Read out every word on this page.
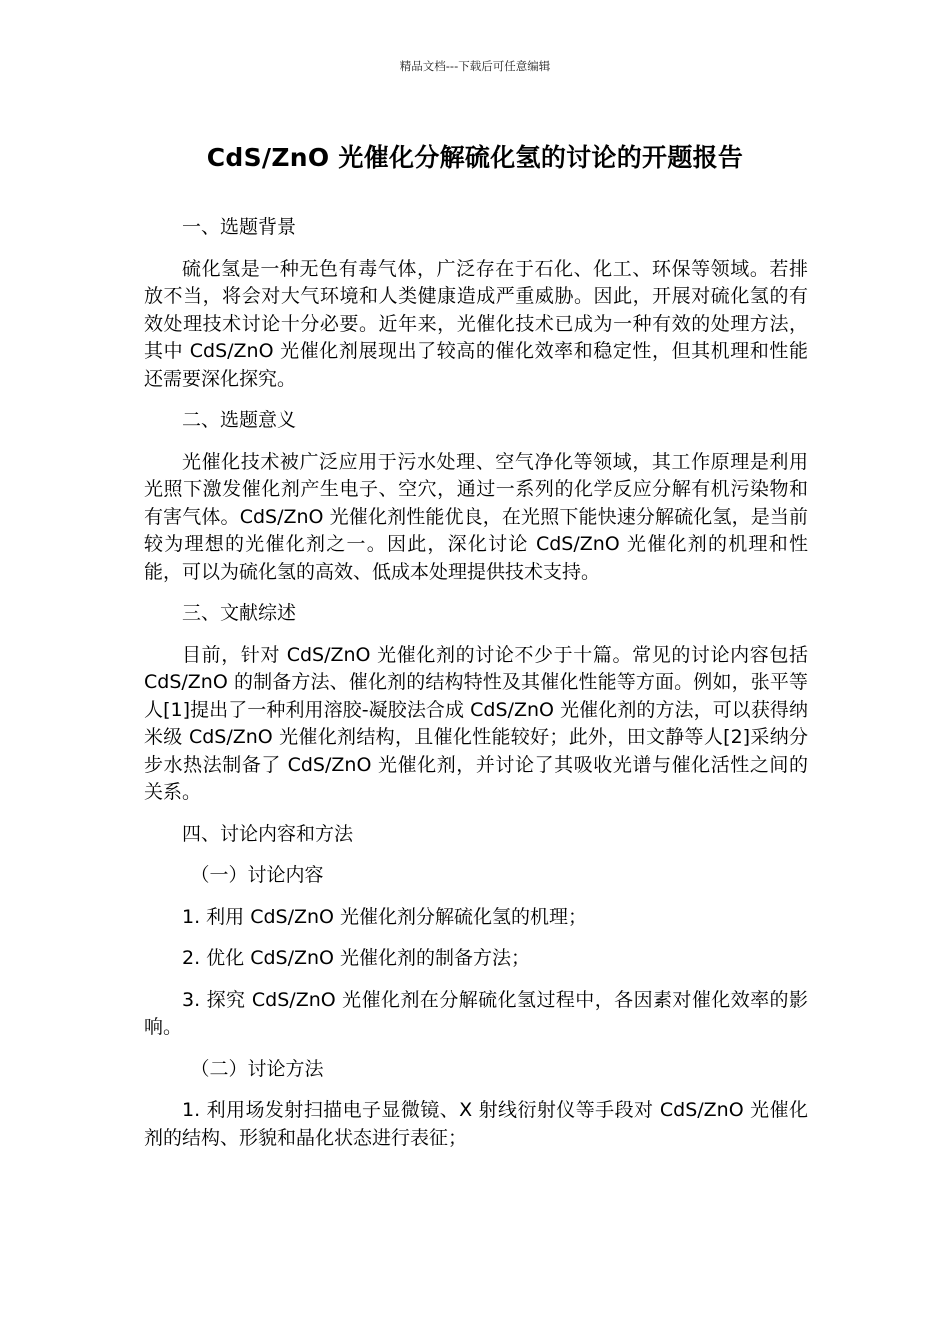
精品文档---下载后可任意编辑
CdS/ZnO 光催化分解硫化氢的讨论的开题报告

一、选题背景

硫化氢是一种无色有毒气体，广泛存在于石化、化工、环保等领域。若排放不当，将会对大气环境和人类健康造成严重威胁。因此，开展对硫化氢的有效处理技术讨论十分必要。近年来，光催化技术已成为一种有效的处理方法，其中 CdS/ZnO 光催化剂展现出了较高的催化效率和稳定性，但其机理和性能还需要深化探究。

二、选题意义

光催化技术被广泛应用于污水处理、空气净化等领域，其工作原理是利用光照下激发催化剂产生电子、空穴，通过一系列的化学反应分解有机污染物和有害气体。CdS/ZnO 光催化剂性能优良，在光照下能快速分解硫化氢，是当前较为理想的光催化剂之一。因此，深化讨论 CdS/ZnO 光催化剂的机理和性能，可以为硫化氢的高效、低成本处理提供技术支持。

三、文献综述

目前，针对 CdS/ZnO 光催化剂的讨论不少于十篇。常见的讨论内容包括 CdS/ZnO 的制备方法、催化剂的结构特性及其催化性能等方面。例如，张平等人[1]提出了一种利用溶胶-凝胶法合成 CdS/ZnO 光催化剂的方法，可以获得纳米级 CdS/ZnO 光催化剂结构，且催化性能较好；此外，田文静等人[2]采纳分步水热法制备了 CdS/ZnO 光催化剂，并讨论了其吸收光谱与催化活性之间的关系。

四、讨论内容和方法

（一）讨论内容

1. 利用 CdS/ZnO 光催化剂分解硫化氢的机理；

2. 优化 CdS/ZnO 光催化剂的制备方法；

3. 探究 CdS/ZnO 光催化剂在分解硫化氢过程中，各因素对催化效率的影响。

（二）讨论方法

1. 利用场发射扫描电子显微镜、X 射线衍射仪等手段对 CdS/ZnO 光催化剂的结构、形貌和晶化状态进行表征；
